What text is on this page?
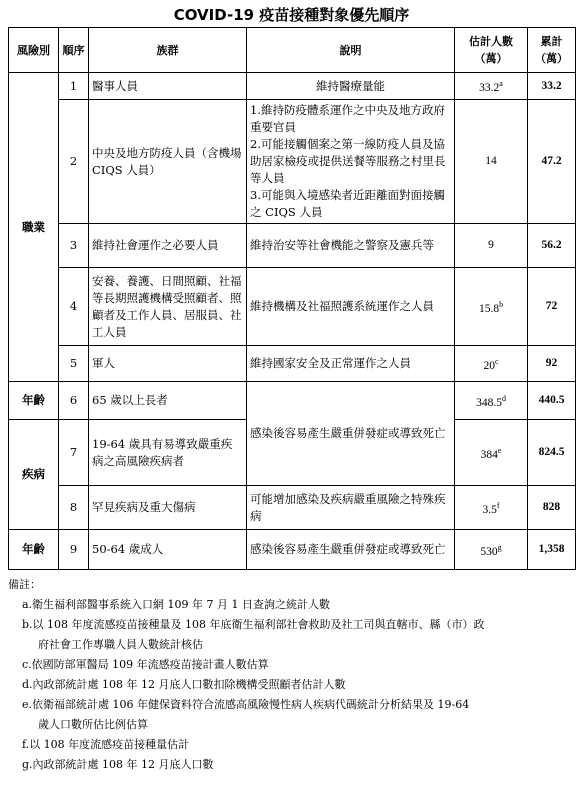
COVID-19 疫苗接種對象優先順序
風險別	順序	族群	說明	估計人數（萬）	累計（萬）
職業	1	醫事人員	維持醫療量能	33.2$^a$	33.2
	2	中央及地方防疫人員（含機場 CIQS 人員）	1.維持防疫體系運作之中央及地方政府重要官員
2.可能接觸個案之第一線防疫人員及協助居家檢疫或提供送餐等服務之村里長等人員
3.可能與入境感染者近距離面對面接觸之 CIQS 人員	14	47.2
	3	維持社會運作之必要人員	維持治安等社會機能之警察及憲兵等	9	56.2
	4	安養、養護、日間照顧、社福等長期照護機構受照顧者、照顧者及工作人員、居服員、社工人員	維持機構及社福照護系統運作之人員	15.8$^b$	72
	5	軍人	維持國家安全及正常運作之人員	20$^c$	92
年齡	6	65 歲以上長者	感染後容易產生嚴重併發症或導致死亡	348.5$^d$	440.5
疾病	7	19-64 歲具有易導致嚴重疾病之高風險疾病者		384e	824.5
	8	罕見疾病及重大傷病	可能增加感染及疾病嚴重風險之特殊疾病	3.5$^f$	828
年齡	9	50-64 歲成人	感染後容易產生嚴重併發症或導致死亡	530$^g$	1,358
備註：
a.衛生福利部醫事系統入口網 109 年 7 月 1 日查詢之統計人數
b.以 108 年度流感疫苗接種量及 108 年底衛生福利部社會救助及社工司與直轄市、縣（市）政
府社會工作專職人員人數統計核估
c.依國防部軍醫局 109 年流感疫苗接計畫人數估算
d.內政部統計處 108 年 12 月底人口數扣除機構受照顧者估計人數
e.依衛福部統計處 106 年健保資料符合流感高風險慢性病人疾病代碼統計分析結果及 19-64
歲人口數所估比例估算
f.以 108 年度流感疫苗接種量估計
g.內政部統計處 108 年 12 月底人口數
